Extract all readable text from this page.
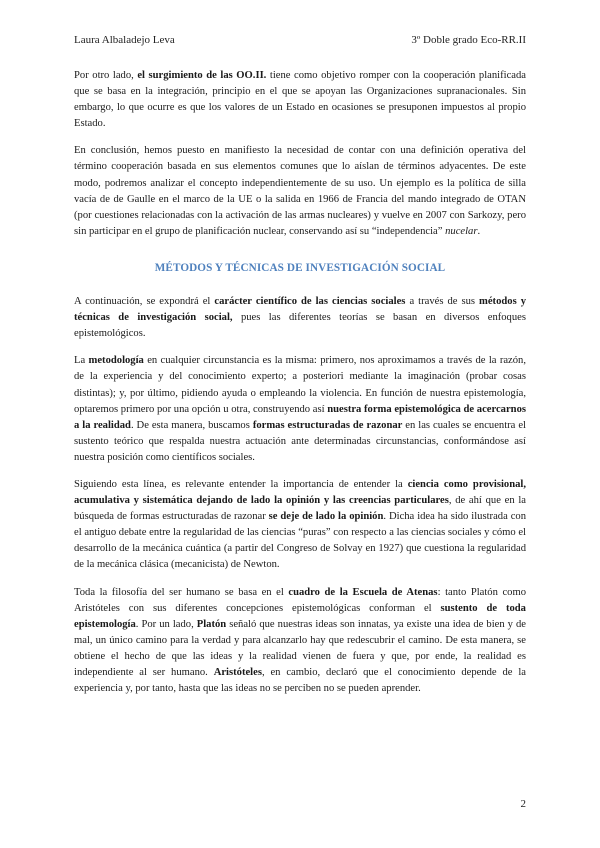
Laura Albaladejo Leva	3º Doble grado Eco-RR.II

Por otro lado, el surgimiento de las OO.II. tiene como objetivo romper con la cooperación planificada que se basa en la integración, principio en el que se apoyan las Organizaciones supranacionales. Sin embargo, lo que ocurre es que los valores de un Estado en ocasiones se presuponen impuestos al propio Estado.

En conclusión, hemos puesto en manifiesto la necesidad de contar con una definición operativa del término cooperación basada en sus elementos comunes que lo aíslan de términos adyacentes. De este modo, podremos analizar el concepto independientemente de su uso. Un ejemplo es la política de silla vacía de de Gaulle en el marco de la UE o la salida en 1966 de Francia del mando integrado de OTAN (por cuestiones relacionadas con la activación de las armas nucleares) y vuelve en 2007 con Sarkozy, pero sin participar en el grupo de planificación nuclear, conservando así su “independencia” nucelar.

MÉTODOS Y TÉCNICAS DE INVESTIGACIÓN SOCIAL

A continuación, se expondrá el carácter científico de las ciencias sociales a través de sus métodos y técnicas de investigación social, pues las diferentes teorías se basan en diversos enfoques epistemológicos.

La metodología en cualquier circunstancia es la misma: primero, nos aproximamos a través de la razón, de la experiencia y del conocimiento experto; a posteriori mediante la imaginación (probar cosas distintas); y, por último, pidiendo ayuda o empleando la violencia. En función de nuestra epistemología, optaremos primero por una opción u otra, construyendo así nuestra forma epistemológica de acercarnos a la realidad. De esta manera, buscamos formas estructuradas de razonar en las cuales se encuentra el sustento teórico que respalda nuestra actuación ante determinadas circunstancias, conformándose así nuestra posición como científicos sociales.

Siguiendo esta línea, es relevante entender la importancia de entender la ciencia como provisional, acumulativa y sistemática dejando de lado la opinión y las creencias particulares, de ahí que en la búsqueda de formas estructuradas de razonar se deje de lado la opinión. Dicha idea ha sido ilustrada con el antiguo debate entre la regularidad de las ciencias “puras” con respecto a las ciencias sociales y cómo el desarrollo de la mecánica cuántica (a partir del Congreso de Solvay en 1927) que cuestiona la regularidad de la mecánica clásica (mecanicista) de Newton.

Toda la filosofía del ser humano se basa en el cuadro de la Escuela de Atenas: tanto Platón como Aristóteles con sus diferentes concepciones epistemológicas conforman el sustento de toda epistemología. Por un lado, Platón señaló que nuestras ideas son innatas, ya existe una idea de bien y de mal, un único camino para la verdad y para alcanzarlo hay que redescubrir el camino. De esta manera, se obtiene el hecho de que las ideas y la realidad vienen de fuera y que, por ende, la realidad es independiente al ser humano. Aristóteles, en cambio, declaró que el conocimiento depende de la experiencia y, por tanto, hasta que las ideas no se perciben no se pueden aprender.

2
